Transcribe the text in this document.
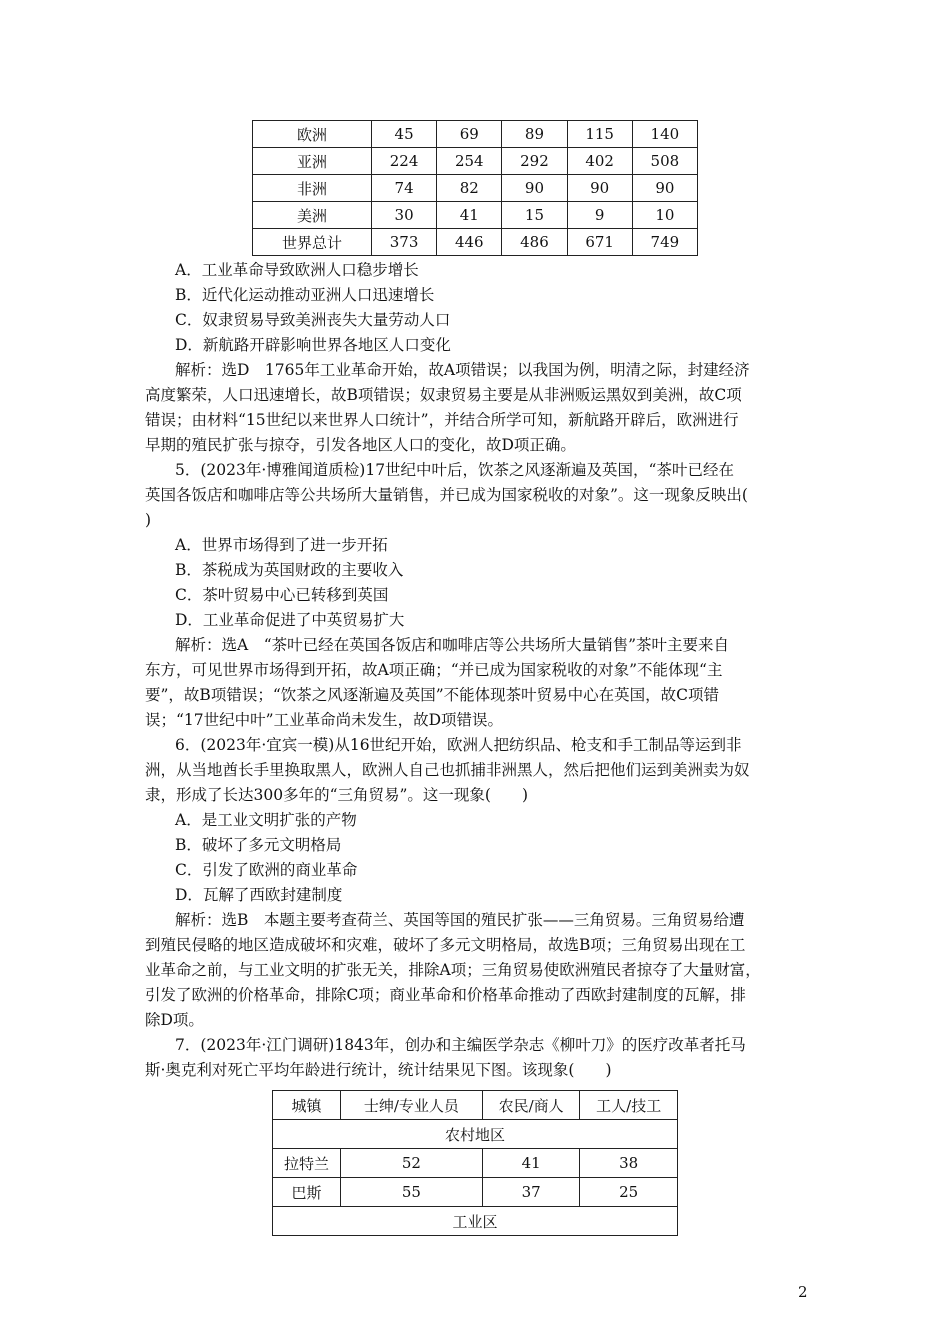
欧洲	45	69	89	115	140
亚洲	224	254	292	402	508
非洲	74	82	90	90	90
美洲	30	41	15	9	10
世界总计	373	446	486	671	749
A．工业革命导致欧洲人口稳步增长
B．近代化运动推动亚洲人口迅速增长
C．奴隶贸易导致美洲丧失大量劳动人口
D．新航路开辟影响世界各地区人口变化
解析：选D　1765年工业革命开始，故A项错误；以我国为例，明清之际，封建经济
高度繁荣，人口迅速增长，故B项错误；奴隶贸易主要是从非洲贩运黑奴到美洲，故C项
错误；由材料“15世纪以来世界人口统计”，并结合所学可知，新航路开辟后，欧洲进行
早期的殖民扩张与掠夺，引发各地区人口的变化，故D项正确。
5．(2023年·博雅闻道质检)17世纪中叶后，饮茶之风逐渐遍及英国，“茶叶已经在
英国各饭店和咖啡店等公共场所大量销售，并已成为国家税收的对象”。这一现象反映出(
)
A．世界市场得到了进一步开拓
B．茶税成为英国财政的主要收入
C．茶叶贸易中心已转移到英国
D．工业革命促进了中英贸易扩大
解析：选A　“茶叶已经在英国各饭店和咖啡店等公共场所大量销售”茶叶主要来自
东方，可见世界市场得到开拓，故A项正确；“并已成为国家税收的对象”不能体现“主
要”，故B项错误；“饮茶之风逐渐遍及英国”不能体现茶叶贸易中心在英国，故C项错
误；“17世纪中叶”工业革命尚未发生，故D项错误。
6．(2023年·宜宾一模)从16世纪开始，欧洲人把纺织品、枪支和手工制品等运到非
洲，从当地酋长手里换取黑人，欧洲人自己也抓捕非洲黑人，然后把他们运到美洲卖为奴
隶，形成了长达300多年的“三角贸易”。这一现象(　　)
A．是工业文明扩张的产物
B．破坏了多元文明格局
C．引发了欧洲的商业革命
D．瓦解了西欧封建制度
解析：选B　本题主要考查荷兰、英国等国的殖民扩张——三角贸易。三角贸易给遭
到殖民侵略的地区造成破坏和灾难，破坏了多元文明格局，故选B项；三角贸易出现在工
业革命之前，与工业文明的扩张无关，排除A项；三角贸易使欧洲殖民者掠夺了大量财富，
引发了欧洲的价格革命，排除C项；商业革命和价格革命推动了西欧封建制度的瓦解，排
除D项。
7．(2023年·江门调研)1843年，创办和主编医学杂志《柳叶刀》的医疗改革者托马
斯·奥克利对死亡平均年龄进行统计，统计结果见下图。该现象(　　)
城镇	士绅/专业人员	农民/商人	工人/技工
农村地区			
拉特兰	52	41	38
巴斯	55	37	25
工业区			
2
